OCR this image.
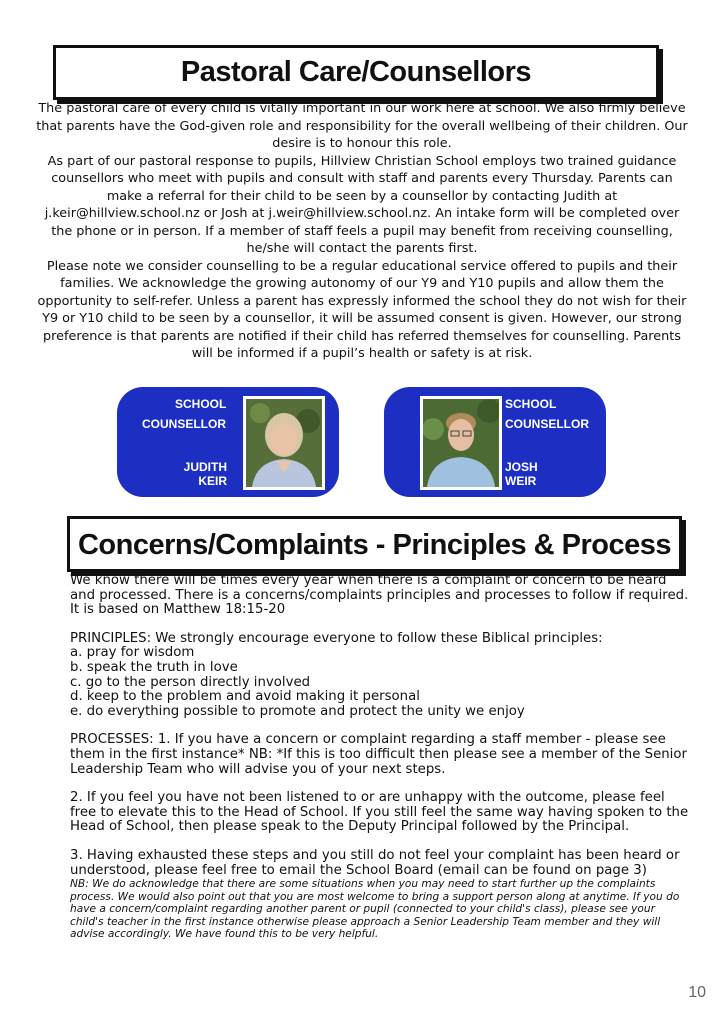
Pastoral Care/Counsellors

The pastoral care of every child is vitally important in our work here at school. We also firmly believe that parents have the God-given role and responsibility for the overall wellbeing of their children. Our desire is to honour this role.

As part of our pastoral response to pupils, Hillview Christian School employs two trained guidance counsellors who meet with pupils and consult with staff and parents every Thursday. Parents can make a referral for their child to be seen by a counsellor by contacting Judith at j.keir@hillview.school.nz or Josh at j.weir@hillview.school.nz. An intake form will be completed over the phone or in person. If a member of staff feels a pupil may benefit from receiving counselling, he/she will contact the parents first.

Please note we consider counselling to be a regular educational service offered to pupils and their families. We acknowledge the growing autonomy of our Y9 and Y10 pupils and allow them the opportunity to self-refer. Unless a parent has expressly informed the school they do not wish for their Y9 or Y10 child to be seen by a counsellor, it will be assumed consent is given. However, our strong preference is that parents are notified if their child has referred themselves for counselling. Parents will be informed if a pupil’s health or safety is at risk.

SCHOOL
COUNSELLOR
JUDITH
KEIR
SCHOOL
COUNSELLOR
JOSH
WEIR
Concerns/Complaints - Principles & Process

We know there will be times every year when there is a complaint or concern to be heard and processed. There is a concerns/complaints principles and processes to follow if required. It is based on Matthew 18:15-20

PRINCIPLES: We strongly encourage everyone to follow these Biblical principles:

a. pray for wisdom
b. speak the truth in love
c. go to the person directly involved
d. keep to the problem and avoid making it personal
e. do everything possible to promote and protect the unity we enjoy

PROCESSES: 1. If you have a concern or complaint regarding a staff member - please see them in the first instance* NB: *If this is too difficult then please see a member of the Senior Leadership Team who will advise you of your next steps.

2. If you feel you have not been listened to or are unhappy with the outcome, please feel free to elevate this to the Head of School. If you still feel the same way having spoken to the Head of School, then please speak to the Deputy Principal followed by the Principal.

3. Having exhausted these steps and you still do not feel your complaint has been heard or understood, please feel free to email the School Board (email can be found on page 3)

NB: We do acknowledge that there are some situations when you may need to start further up the complaints process. We would also point out that you are most welcome to bring a support person along at anytime. If you do have a concern/complaint regarding another parent or pupil (connected to your child's class), please see your child's teacher in the first instance otherwise please approach a Senior Leadership Team member and they will advise accordingly. We have found this to be very helpful.

10
